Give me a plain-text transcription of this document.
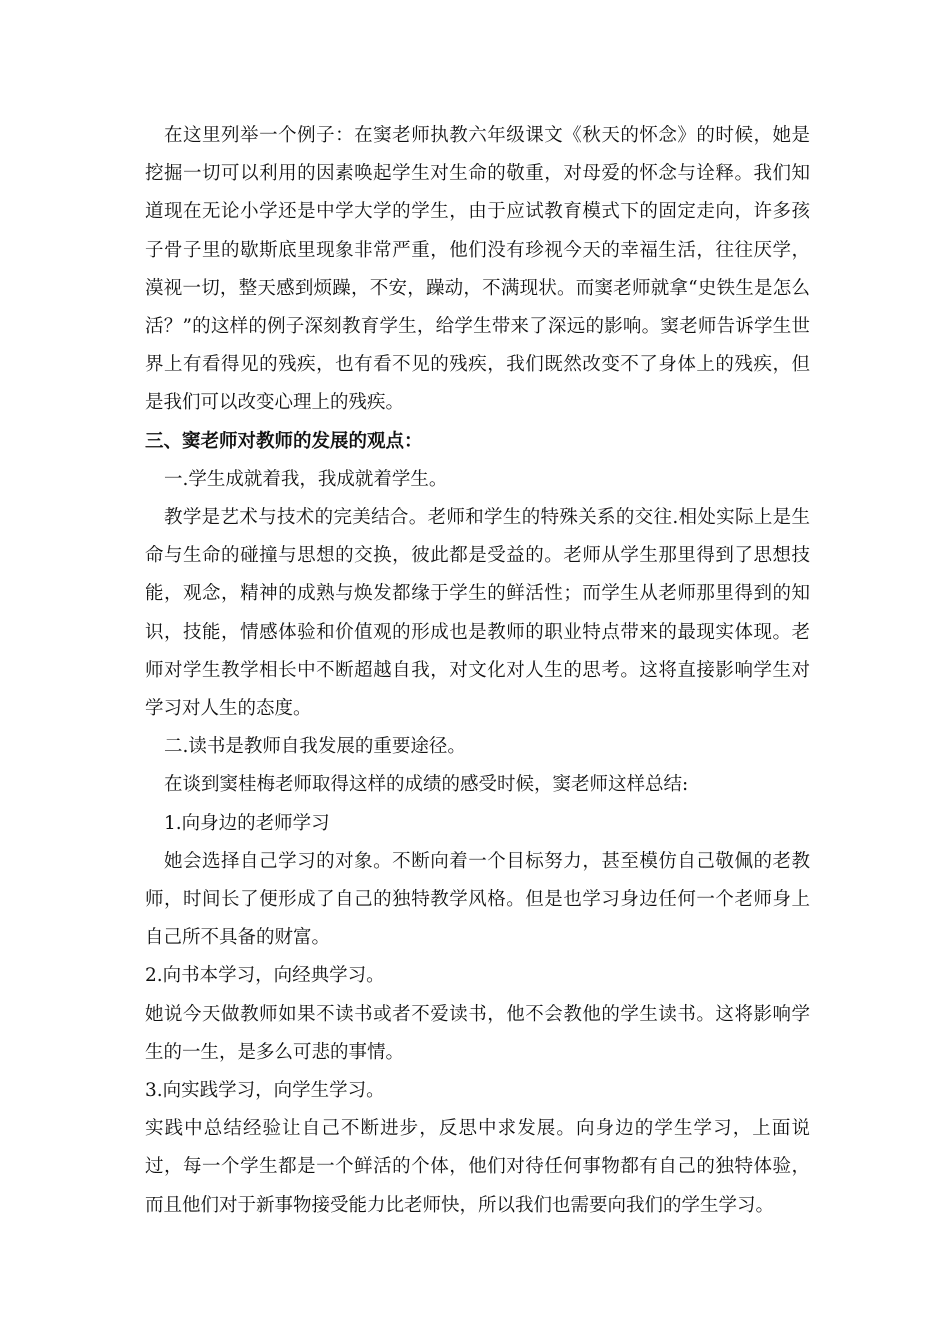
在这里列举一个例子：在窦老师执教六年级课文《秋天的怀念》的时候，她是挖掘一切可以利用的因素唤起学生对生命的敬重，对母爱的怀念与诠释。我们知道现在无论小学还是中学大学的学生，由于应试教育模式下的固定走向，许多孩子骨子里的歇斯底里现象非常严重，他们没有珍视今天的幸福生活，往往厌学，漠视一切，整天感到烦躁，不安，躁动，不满现状。而窦老师就拿“史铁生是怎么活？”的这样的例子深刻教育学生，给学生带来了深远的影响。窦老师告诉学生世界上有看得见的残疾，也有看不见的残疾，我们既然改变不了身体上的残疾，但是我们可以改变心理上的残疾。

三、窦老师对教师的发展的观点：

一.学生成就着我，我成就着学生。

教学是艺术与技术的完美结合。老师和学生的特殊关系的交往.相处实际上是生命与生命的碰撞与思想的交换，彼此都是受益的。老师从学生那里得到了思想技能，观念，精神的成熟与焕发都缘于学生的鲜活性；而学生从老师那里得到的知识，技能，情感体验和价值观的形成也是教师的职业特点带来的最现实体现。老师对学生教学相长中不断超越自我，对文化对人生的思考。这将直接影响学生对学习对人生的态度。

二.读书是教师自我发展的重要途径。

在谈到窦桂梅老师取得这样的成绩的感受时候，窦老师这样总结:

1.向身边的老师学习

她会选择自己学习的对象。不断向着一个目标努力，甚至模仿自己敬佩的老教师，时间长了便形成了自己的独特教学风格。但是也学习身边任何一个老师身上自己所不具备的财富。

2.向书本学习，向经典学习。

她说今天做教师如果不读书或者不爱读书，他不会教他的学生读书。这将影响学生的一生，是多么可悲的事情。

3.向实践学习，向学生学习。

实践中总结经验让自己不断进步，反思中求发展。向身边的学生学习，上面说过，每一个学生都是一个鲜活的个体，他们对待任何事物都有自己的独特体验，而且他们对于新事物接受能力比老师快，所以我们也需要向我们的学生学习。
